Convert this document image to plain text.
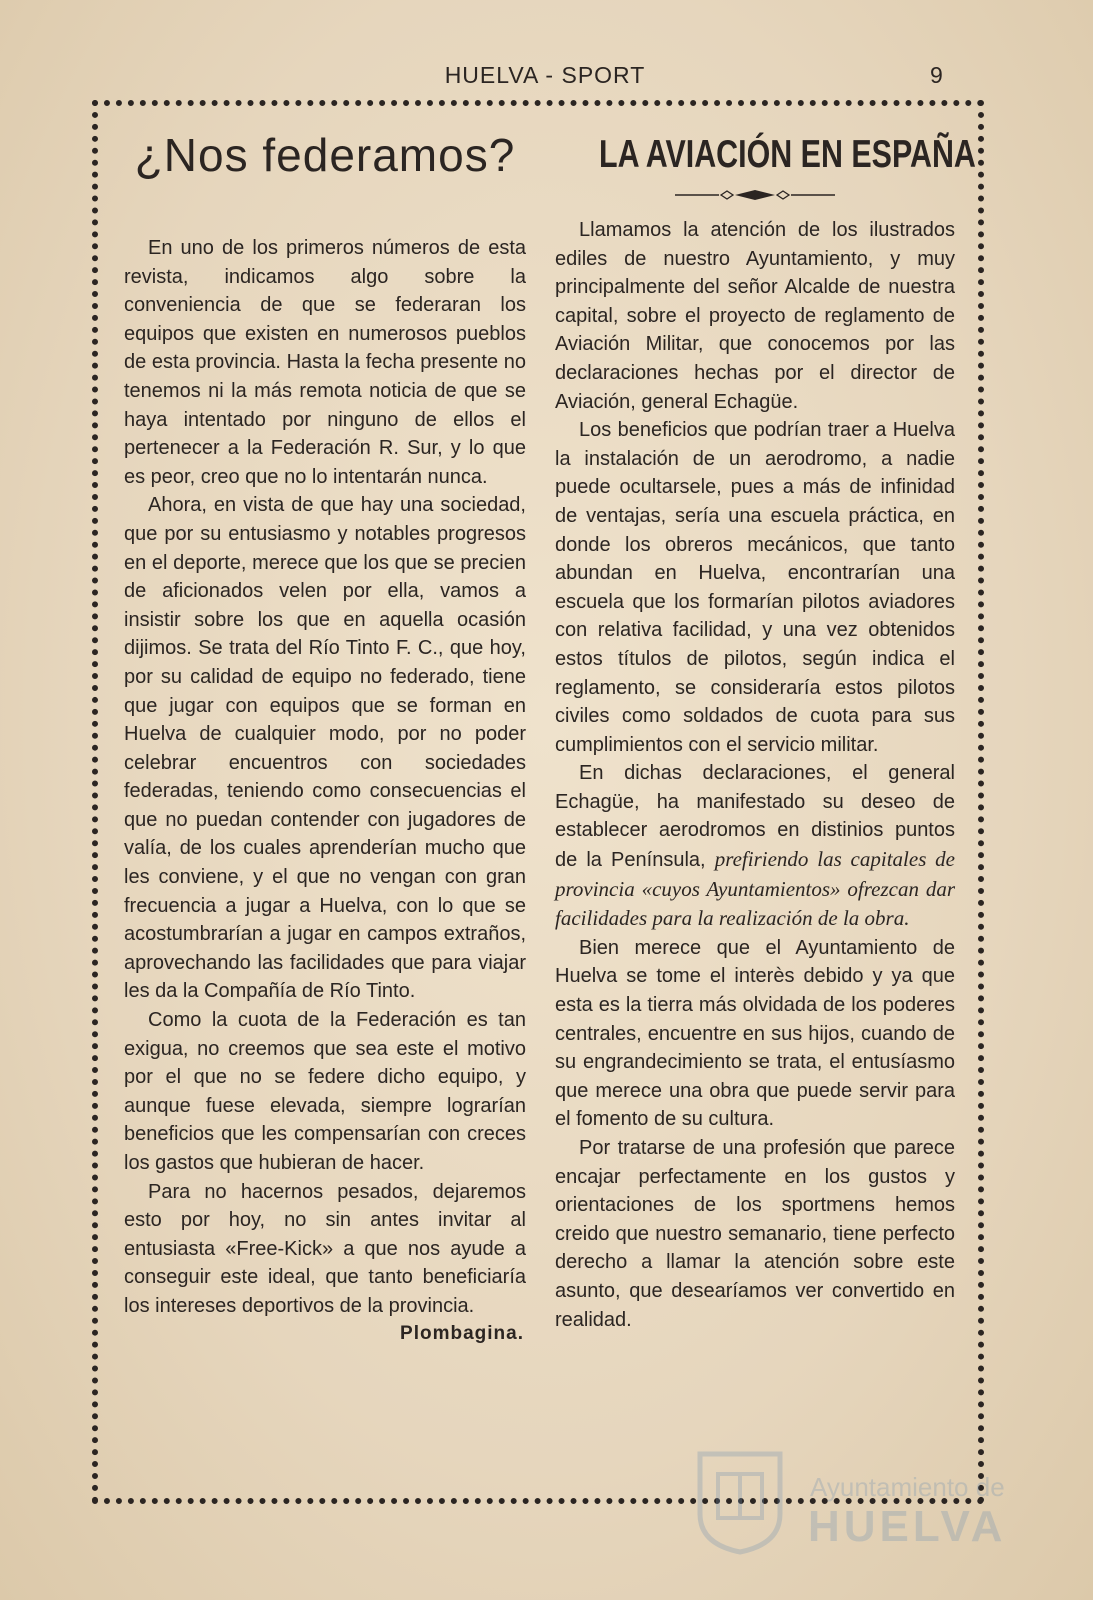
HUELVA - SPORT	9
¿Nos federamos?

En uno de los primeros números de esta revista, indicamos algo sobre la conveniencia de que se federaran los equipos que existen en numerosos pueblos de esta provincia. Hasta la fecha presente no tenemos ni la más remota noticia de que se haya intentado por ninguno de ellos el pertenecer a la Federación R. Sur, y lo que es peor, creo que no lo intentarán nunca.

Ahora, en vista de que hay una sociedad, que por su entusiasmo y notables progresos en el deporte, merece que los que se precien de aficionados velen por ella, vamos a insistir sobre los que en aquella ocasión dijimos. Se trata del Río Tinto F. C., que hoy, por su calidad de equipo no federado, tiene que jugar con equipos que se forman en Huelva de cualquier modo, por no poder celebrar encuentros con sociedades federadas, teniendo como consecuencias el que no puedan contender con jugadores de valía, de los cuales aprenderían mucho que les conviene, y el que no vengan con gran frecuencia a jugar a Huelva, con lo que se acostumbrarían a jugar en campos extraños, aprovechando las facilidades que para viajar les da la Compañía de Río Tinto.

Como la cuota de la Federación es tan exigua, no creemos que sea este el motivo por el que no se federe dicho equipo, y aunque fuese elevada, siempre lograrían beneficios que les compensarían con creces los gastos que hubieran de hacer.

Para no hacernos pesados, dejaremos esto por hoy, no sin antes invitar al entusiasta «Free-Kick» a que nos ayude a conseguir este ideal, que tanto beneficiaría los intereses deportivos de la provincia.

Plombagina.
LA AVIACIÓN EN ESPAÑA

Llamamos la atención de los ilustrados ediles de nuestro Ayuntamiento, y muy principalmente del señor Alcalde de nuestra capital, sobre el proyecto de reglamento de Aviación Militar, que conocemos por las declaraciones hechas por el director de Aviación, general Echagüe.

Los beneficios que podrían traer a Huelva la instalación de un aerodromo, a nadie puede ocultarsele, pues a más de infinidad de ventajas, sería una escuela práctica, en donde los obreros mecánicos, que tanto abundan en Huelva, encontrarían una escuela que los formarían pilotos aviadores con relativa facilidad, y una vez obtenidos estos títulos de pilotos, según indica el reglamento, se consideraría estos pilotos civiles como soldados de cuota para sus cumplimientos con el servicio militar.

En dichas declaraciones, el general Echagüe, ha manifestado su deseo de establecer aerodromos en distinios puntos de la Península, prefiriendo las capitales de provincia «cuyos Ayuntamientos» ofrezcan dar facilidades para la realización de la obra.

Bien merece que el Ayuntamiento de Huelva se tome el interès debido y ya que esta es la tierra más olvidada de los poderes centrales, encuentre en sus hijos, cuando de su engrandecimiento se trata, el entusíasmo que merece una obra que puede servir para el fomento de su cultura.

Por tratarse de una profesión que parece encajar perfectamente en los gustos y orientaciones de los sportmens hemos creido que nuestro semanario, tiene perfecto derecho a llamar la atención sobre este asunto, que desearíamos ver convertido en realidad.

Ayuntamiento de
HUELVA
